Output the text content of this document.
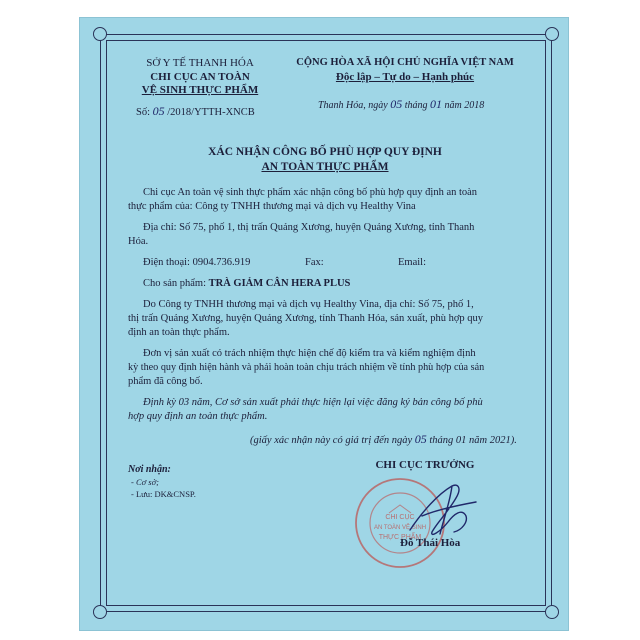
SỞ Y TẾ THANH HÓA
CHI CỤC AN TOÀN
VỆ SINH THỰC PHẨM
Số: 05 /2018/YTTH-XNCB
CỘNG HÒA XÃ HỘI CHỦ NGHĨA VIỆT NAM
Độc lập – Tự do – Hạnh phúc
Thanh Hóa, ngày 05 tháng 01 năm 2018
XÁC NHẬN CÔNG BỐ PHÙ HỢP QUY ĐỊNH
AN TOÀN THỰC PHẨM
Chi cục An toàn vệ sinh thực phẩm xác nhận công bố phù hợp quy định an toàn
thực phẩm của: Công ty TNHH thương mại và dịch vụ Healthy Vina
Địa chỉ: Số 75, phố 1, thị trấn Quảng Xương, huyện Quảng Xương, tỉnh Thanh
Hóa.
Điện thoại: 0904.736.919	Fax:	Email:
Cho sản phẩm: TRÀ GIẢM CÂN HERA PLUS
Do Công ty TNHH thương mại và dịch vụ Healthy Vina, địa chỉ: Số 75, phố 1,
thị trấn Quảng Xương, huyện Quảng Xương, tỉnh Thanh Hóa, sản xuất, phù hợp quy
định an toàn thực phẩm.
Đơn vị sản xuất có trách nhiệm thực hiện chế độ kiểm tra và kiểm nghiệm định
kỳ theo quy định hiện hành và phải hoàn toàn chịu trách nhiệm về tính phù hợp của sản
phẩm đã công bố.
Định kỳ 03 năm, Cơ sở sản xuất phải thực hiện lại việc đăng ký bản công bố phù
hợp quy định an toàn thực phẩm.
(giấy xác nhận này có giá trị đến ngày 05 tháng 01 năm 2021).
Nơi nhận:
- Cơ sở;
- Lưu: DK&CNSP.
CHI CỤC TRƯỞNG
CHI CỤC
AN TOÀN VỆ SINH
THỰC PHẨM
Đỗ Thái Hòa
